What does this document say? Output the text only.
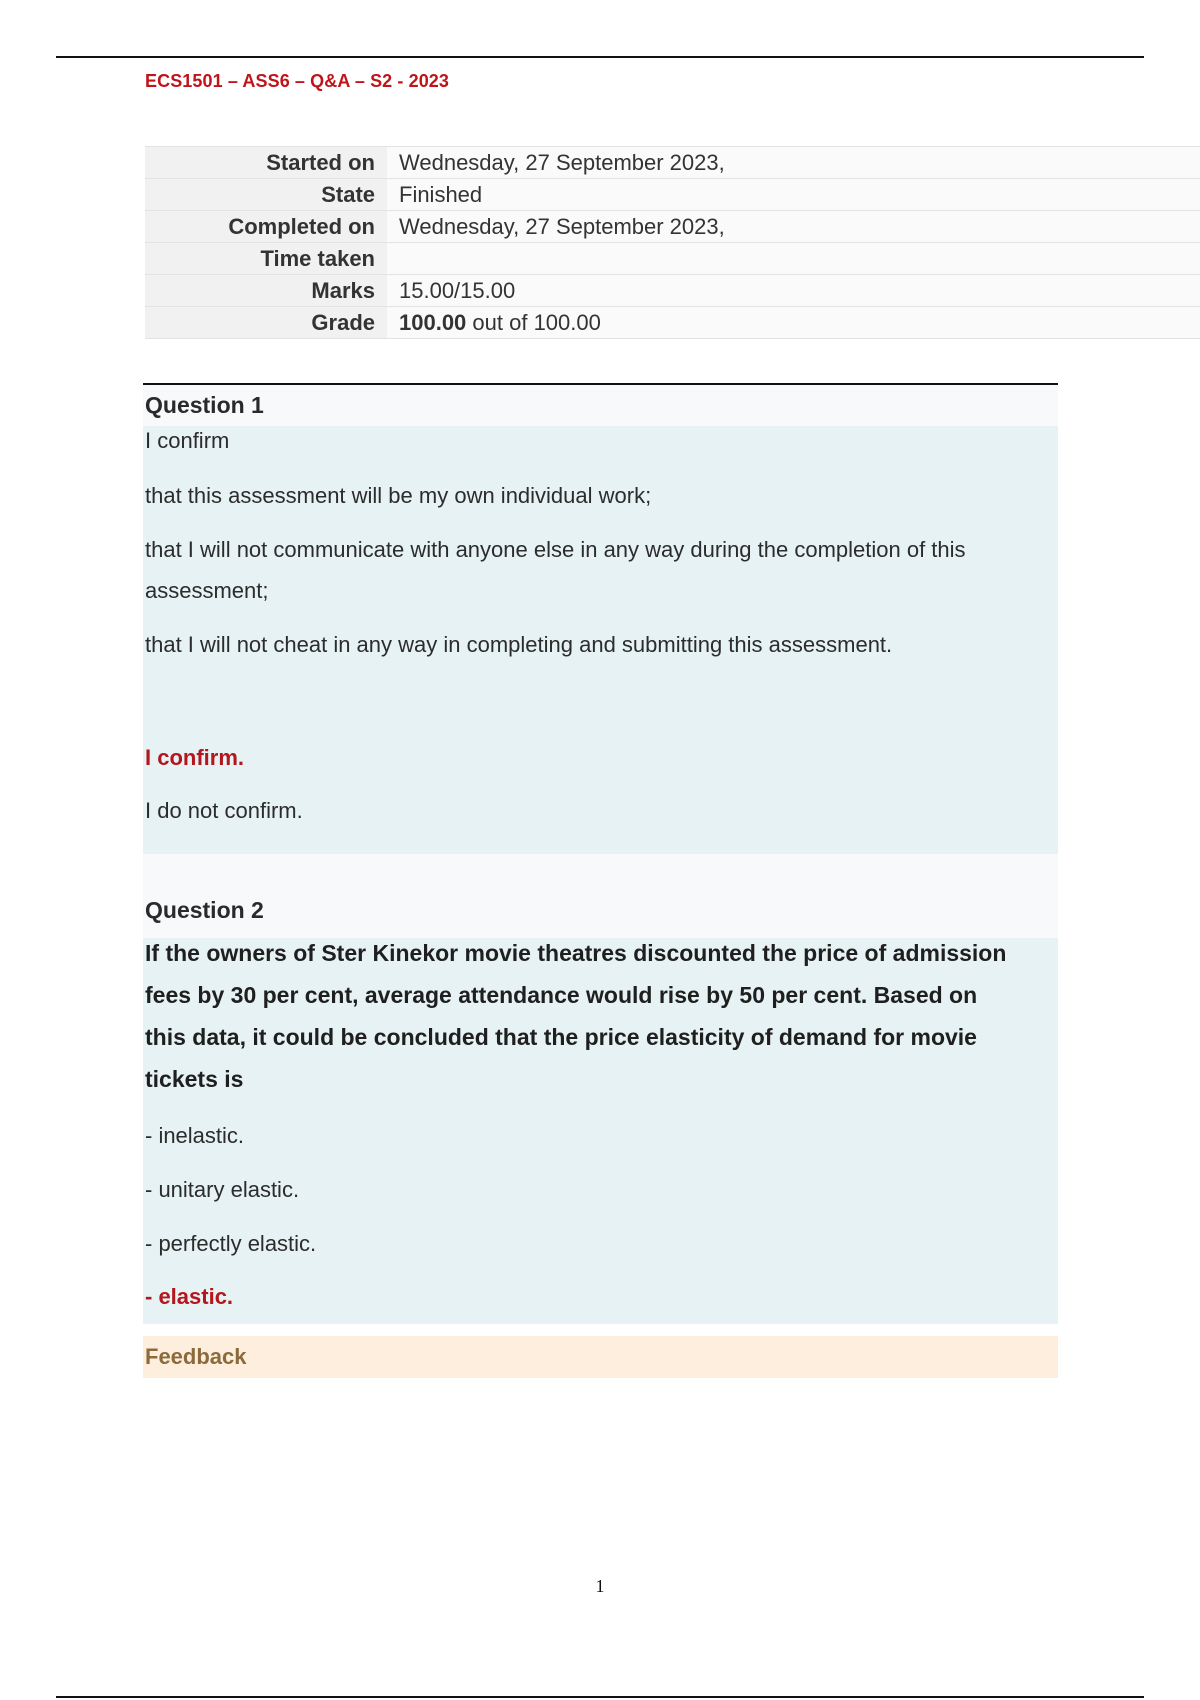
ECS1501 – ASS6 – Q&A – S2 - 2023
Started on	Wednesday, 27 September 2023,
State	Finished
Completed on	Wednesday, 27 September 2023,
Time taken	
Marks	15.00/15.00
Grade	100.00 out of 100.00
Question 1

I confirm

that this assessment will be my own individual work;

that I will not communicate with anyone else in any way during the completion of this

assessment;

that I will not cheat in any way in completing and submitting this assessment.

I confirm.

I do not confirm.

Question 2

If the owners of Ster Kinekor movie theatres discounted the price of admission

fees by 30 per cent, average attendance would rise by 50 per cent. Based on

this data, it could be concluded that the price elasticity of demand for movie

tickets is

- inelastic.

- unitary elastic.

- perfectly elastic.

- elastic.

Feedback
1
